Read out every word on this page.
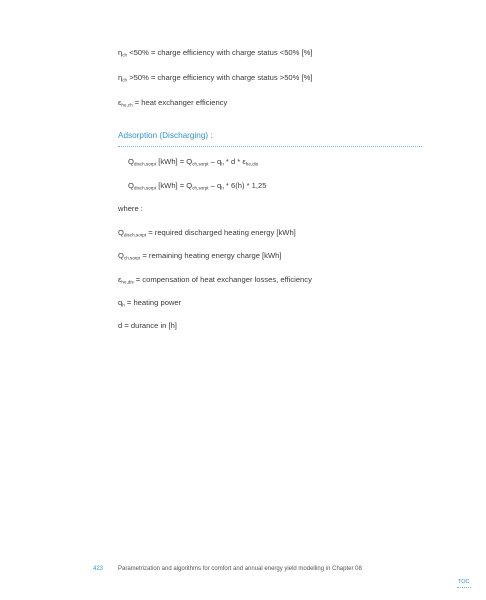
$\eta_{ch} <50\%$ = charge efficiency with charge status <50% [%]
$\eta_{ch} >50\%$ = charge efficiency with charge status >50% [%]
$\varepsilon_{he,ch}$ = heat exchanger efficiency
Adsorption (Discharging) :
$Q_{disch,sorpt}$ $[kWh] = Q_{ch,sorpt} - q_h * d * \varepsilon_{he,dis}$
$Q_{disch,sorpt}$ $[kWh] = Q_{ch,sorpt} - q_h * 6(h) * 1,25$
where :
$Q_{disch,sorpt}$ = required discharged heating energy [kWh]
$Q_{ch,sorpt}$ = remaining heating energy charge [kWh]
$\varepsilon_{he,dis}$ = compensation of heat exchanger losses, efficiency
$q_h$ = heating power
d = durance in [h]
423 Parametrization and algorithms for comfort and annual energy yield modelling in Chapter 08
TOC
